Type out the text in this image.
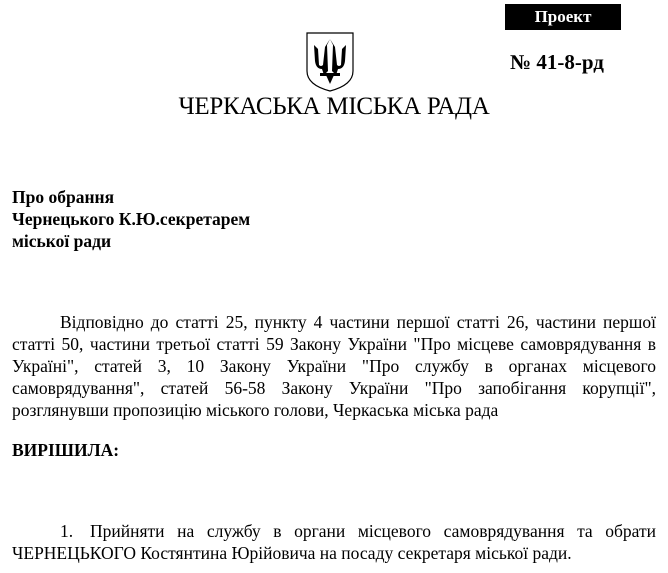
Проект рішення
№ 41-8-рд
ЧЕРКАСЬКА МІСЬКА РАДА
Про обрання
Чернецького К.Ю.секретарем
міської ради
Відповідно до статті 25, пункту 4 частини першої статті 26, частини першої
статті 50, частини третьої статті 59 Закону України "Про місцеве самоврядування в
Україні", статей 3, 10 Закону України "Про службу в органах місцевого
самоврядування", статей 56-58 Закону України "Про запобігання корупції",
розглянувши пропозицію міського голови, Черкаська міська рада
ВИРІШИЛА:
1. Прийняти на службу в органи місцевого самоврядування та обрати
ЧЕРНЕЦЬКОГО Костянтина Юрійовича на посаду секретаря міської ради.
